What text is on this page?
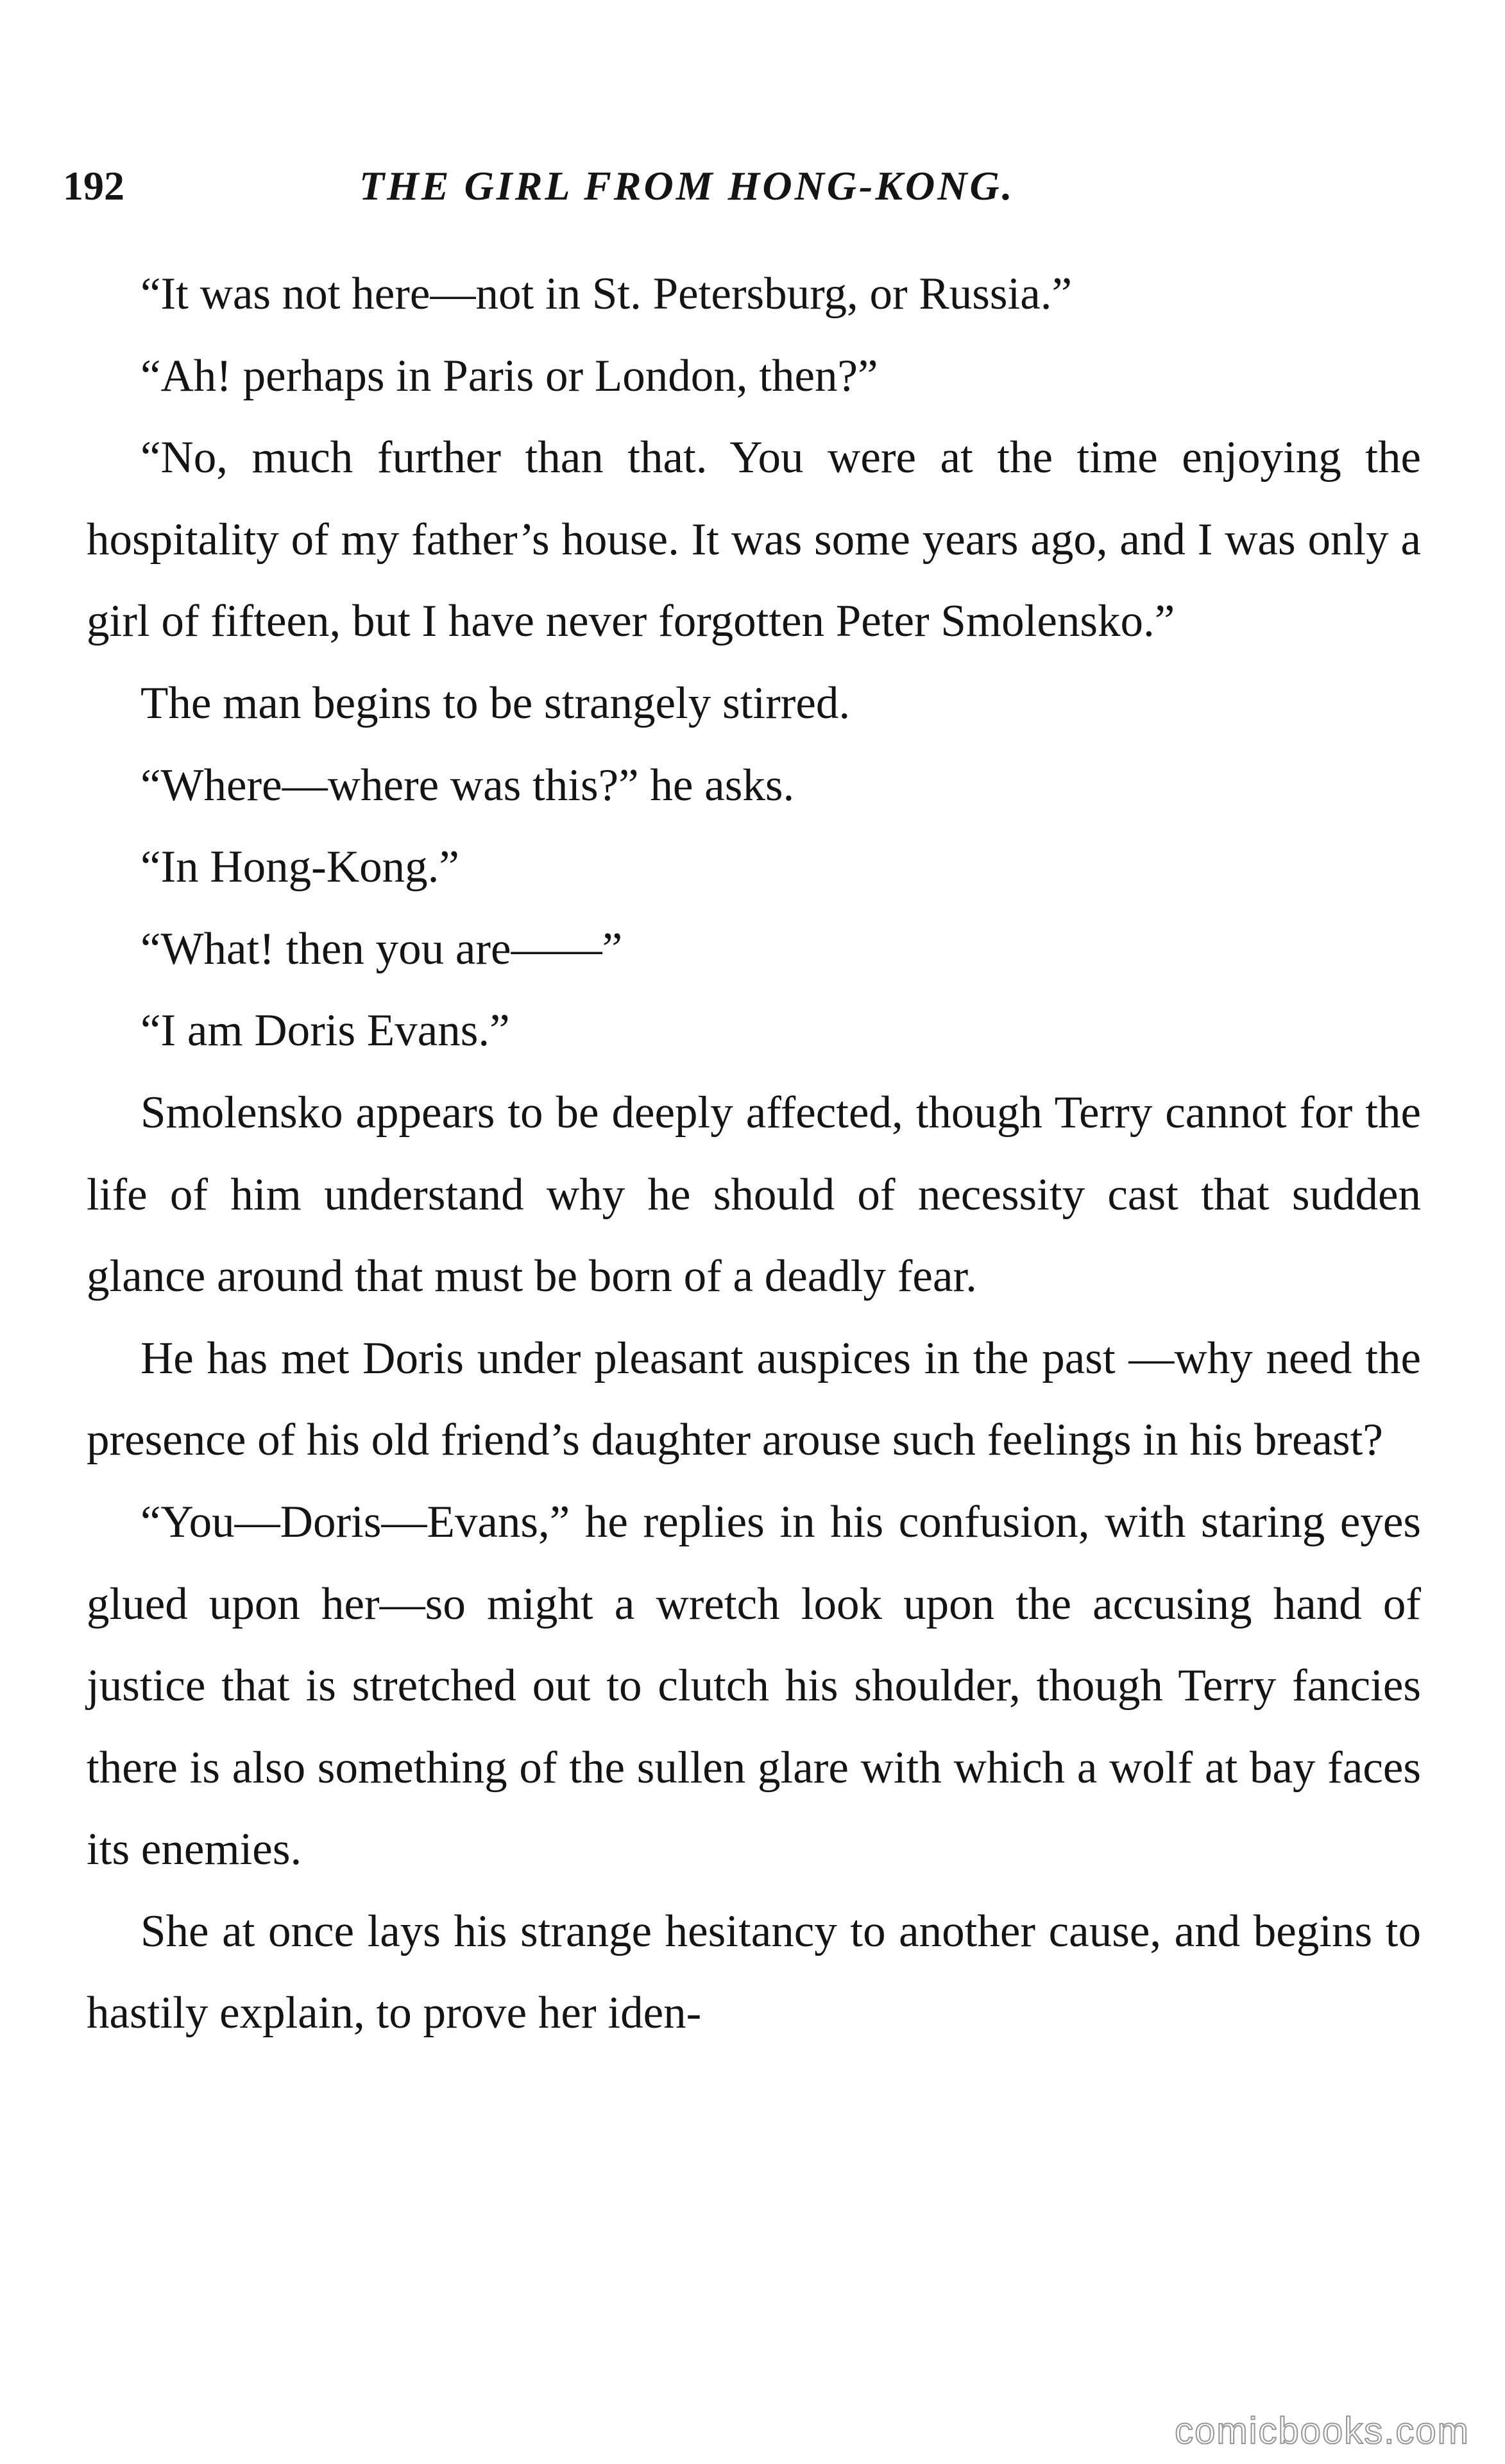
192	THE GIRL FROM HONG-KONG.

“It was not here—not in St. Petersburg, or Russia.”

“Ah! perhaps in Paris or London, then?”

“No, much further than that. You were at the time enjoying the hospitality of my father’s house. It was some years ago, and I was only a girl of fifteen, but I have never forgotten Peter Smolensko.”

The man begins to be strangely stirred.

“Where—where was this?” he asks.

“In Hong-Kong.”

“What! then you are——”

“I am Doris Evans.”

Smolensko appears to be deeply affected, though Terry cannot for the life of him understand why he should of necessity cast that sudden glance around that must be born of a deadly fear.

He has met Doris under pleasant auspices in the past —why need the presence of his old friend’s daughter arouse such feelings in his breast?

“You—Doris—Evans,” he replies in his confusion, with staring eyes glued upon her—so might a wretch look upon the accusing hand of justice that is stretched out to clutch his shoulder, though Terry fancies there is also something of the sullen glare with which a wolf at bay faces its enemies.

She at once lays his strange hesitancy to another cause, and begins to hastily explain, to prove her iden-

comicbooks.com
